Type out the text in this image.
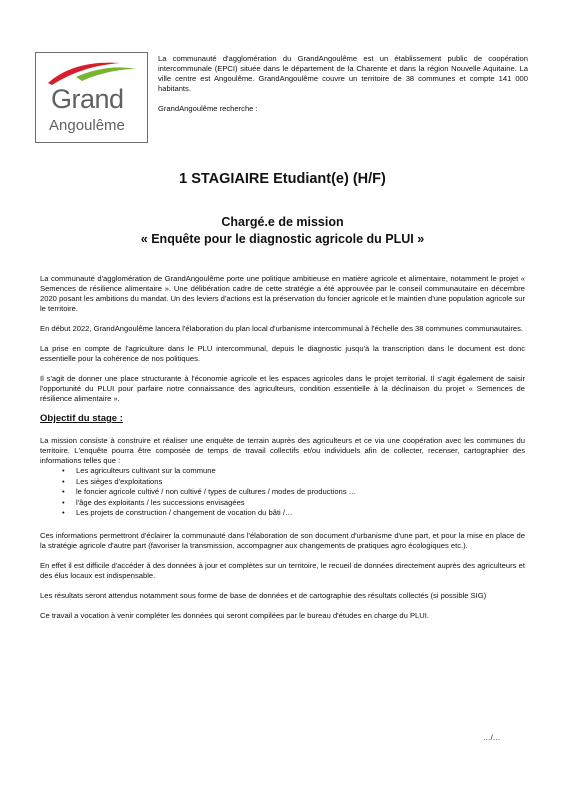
Grand
Angoulême

La communauté d'agglomération du GrandAngoulême est un établissement public de coopération intercommunale (EPCI) située dans le département de la Charente et dans la région Nouvelle Aquitaine. La ville centre est Angoulême. GrandAngoulême couvre un territoire de 38 communes et compte 141 000 habitants.

GrandAngoulême recherche :

1 STAGIAIRE Etudiant(e) (H/F)
Chargé.e de mission
« Enquête pour le diagnostic agricole du PLUI »

La communauté d'agglomération de GrandAngoulême porte une politique ambitieuse en matière agricole et alimentaire, notamment le projet « Semences de résilience alimentaire ». Une délibération cadre de cette stratégie a été approuvée par le conseil communautaire en décembre 2020 posant les ambitions du mandat. Un des leviers d'actions est la préservation du foncier agricole et le maintien d'une population agricole sur le territoire.

En début 2022, GrandAngoulême lancera l'élaboration du plan local d'urbanisme intercommunal à l'échelle des 38 communes communautaires.

La prise en compte de l'agriculture dans le PLU intercommunal, depuis le diagnostic jusqu'à la transcription dans le document est donc essentielle pour la cohérence de nos politiques.

Il s'agit de donner une place structurante à l'économie agricole et les espaces agricoles dans le projet territorial. Il s'agit également de saisir l'opportunité du PLUI pour parfaire notre connaissance des agriculteurs, condition essentielle à la déclinaison du projet « Semences de résilience alimentaire ».

Objectif du stage :

La mission consiste à construire et réaliser une enquête de terrain auprès des agriculteurs et ce via une coopération avec les communes du territoire. L'enquête pourra être composée de temps de travail collectifs et/ou individuels afin de collecter, recenser, cartographier des informations telles que :

• Les agriculteurs cultivant sur la commune
• Les sièges d'exploitations
• le foncier agricole cultivé / non cultivé / types de cultures / modes de productions …
• l'âge des exploitants / les successions envisagées
• Les projets de construction / changement de vocation du bâti /…

Ces informations permettront d'éclairer la communauté dans l'élaboration de son document d'urbanisme d'une part, et pour la mise en place de la stratégie agricole d'autre part (favoriser la transmission, accompagner aux changements de pratiques agro écologiques etc.).

En effet il est difficile d'accéder à des données à jour et complètes sur un territoire, le recueil de données directement auprès des agriculteurs et des élus locaux est indispensable.

Les résultats seront attendus notamment sous forme de base de données et de cartographie des résultats collectés (si possible SIG)

Ce travail a vocation à venir compléter les données qui seront compilées par le bureau d'études en charge du PLUI.

…/…
